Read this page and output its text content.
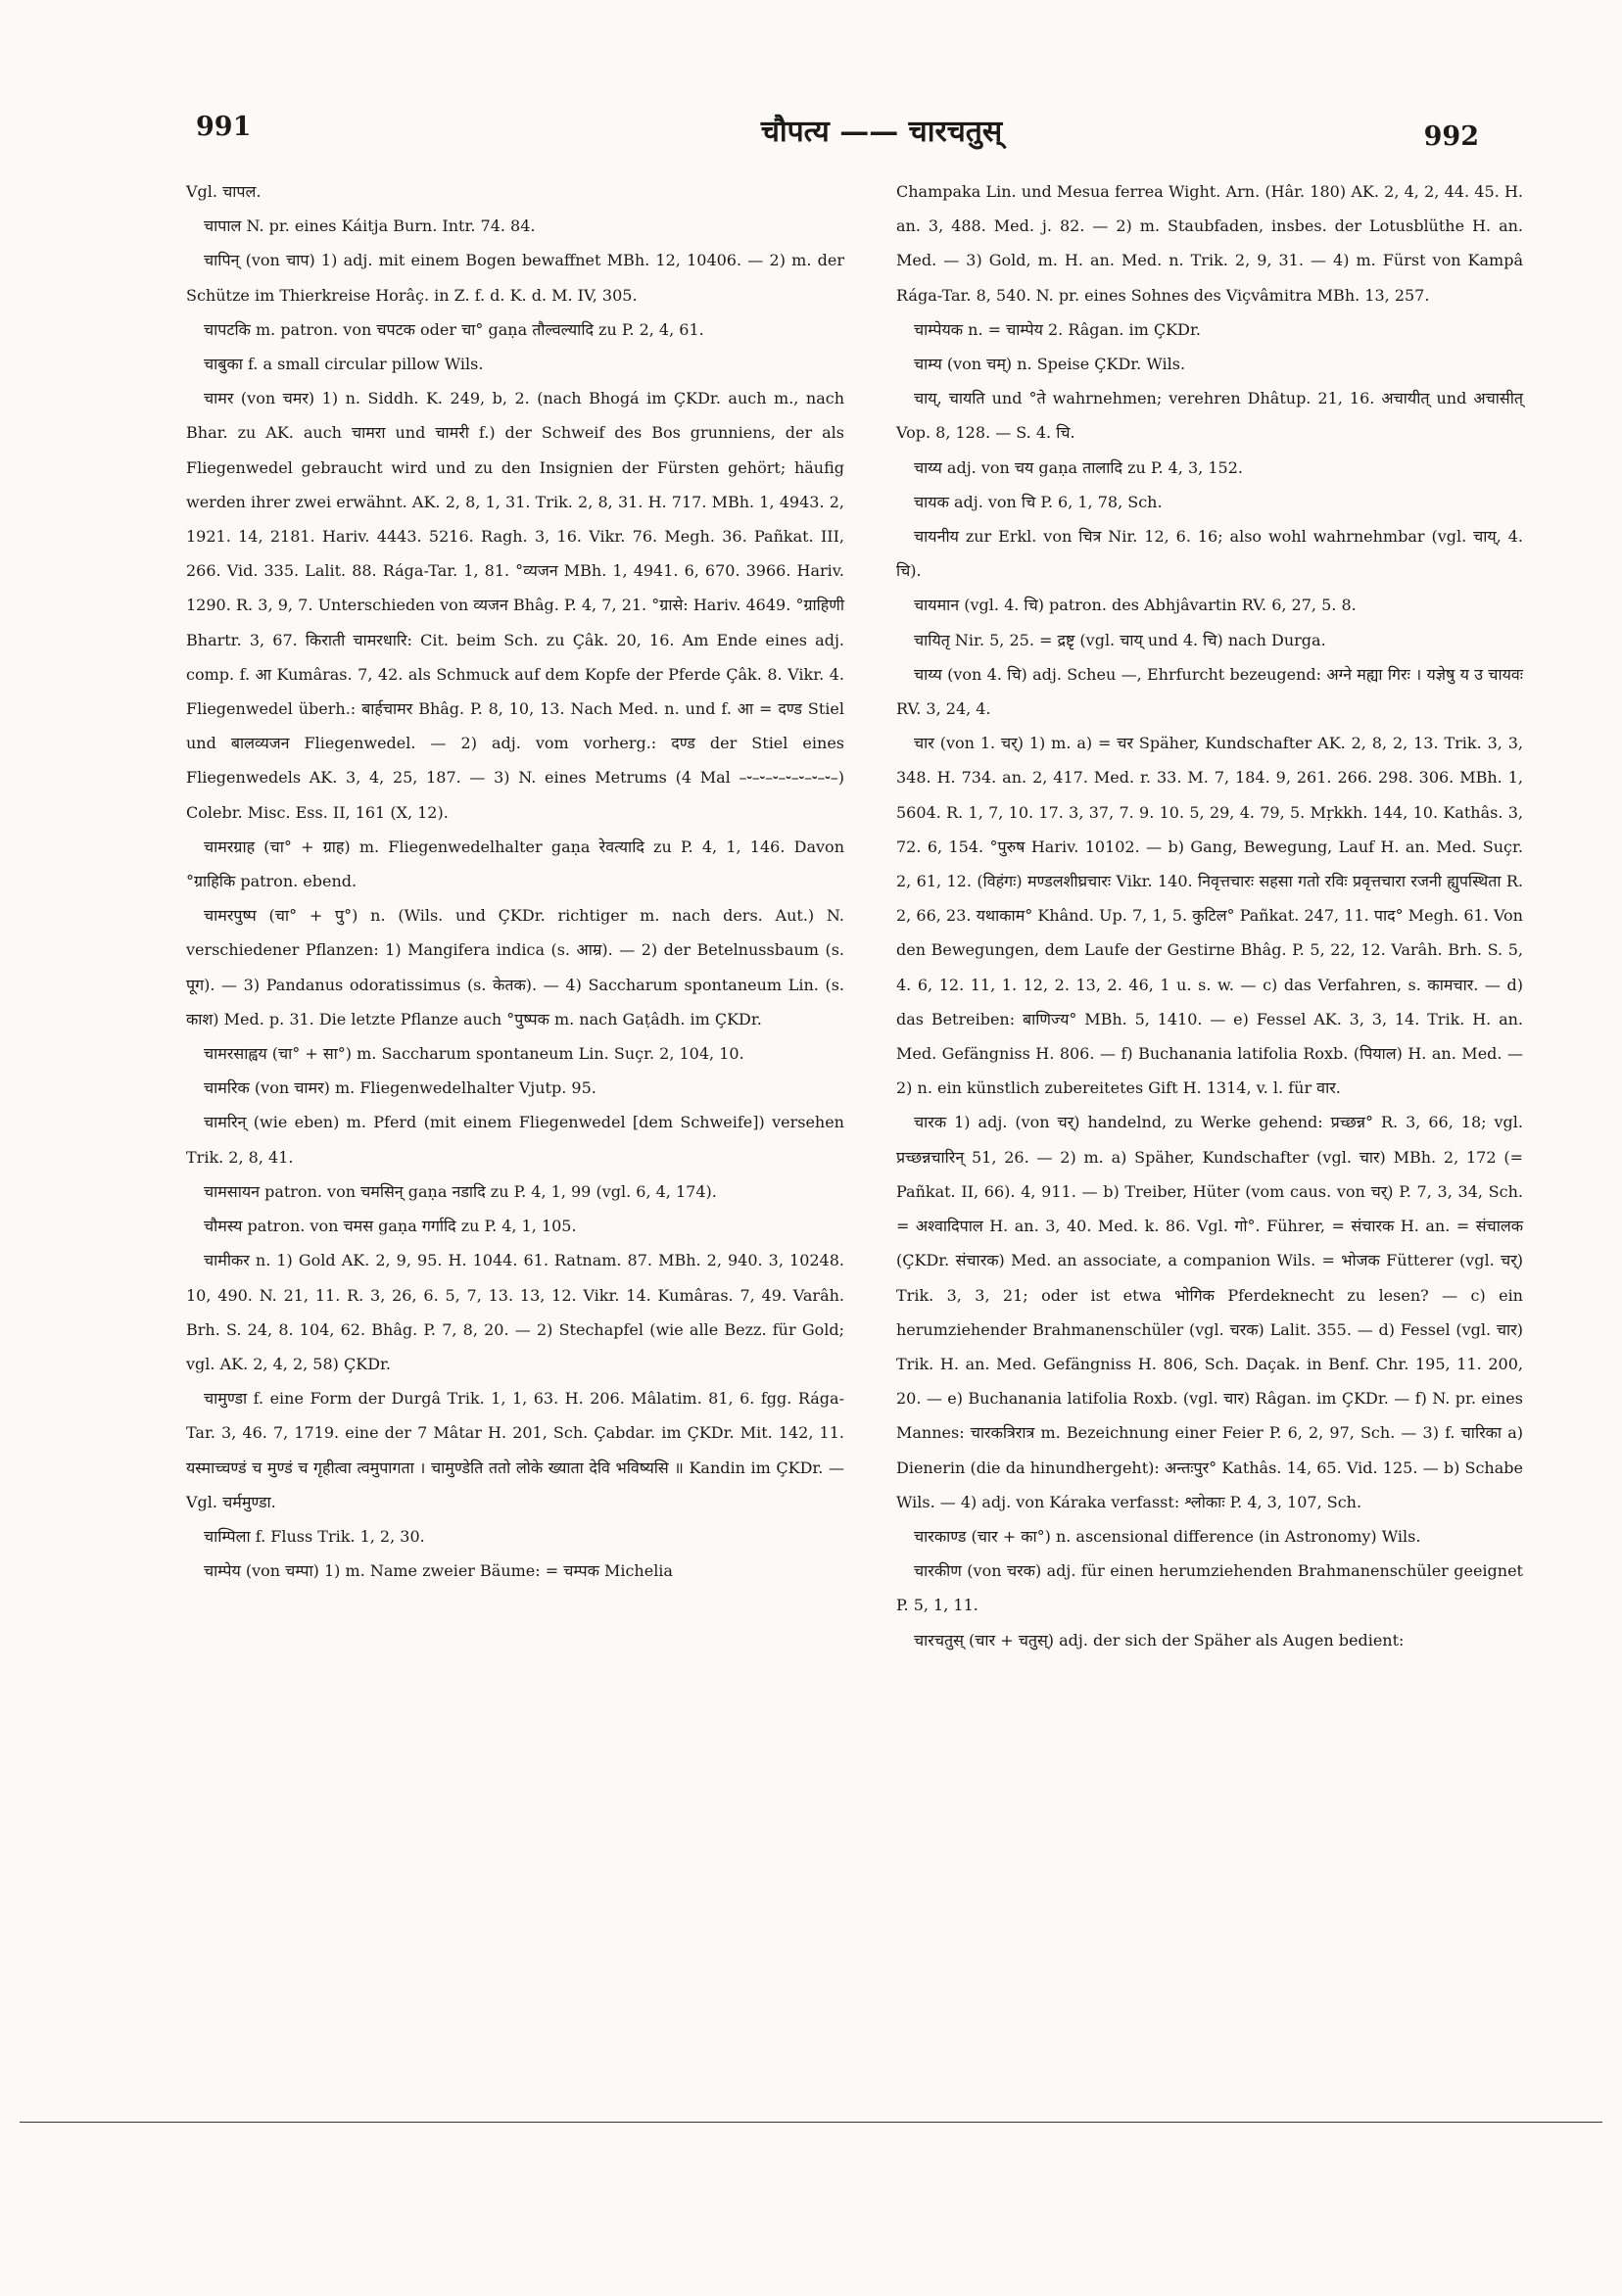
991	चौपत्य —— चारचतुस्	992

Vgl. चापल.

चापाल N. pr. eines Káitja Burn. Intr. 74. 84.

चापिन् (von चाप) 1) adj. mit einem Bogen bewaffnet MBh. 12, 10406. — 2) m. der Schütze im Thierkreise Horâç. in Z. f. d. K. d. M. IV, 305.

चापटकि m. patron. von चपटक oder चा° gaṇa तौल्वल्यादि zu P. 2, 4, 61.

चाबुका f. a small circular pillow Wils.

चामर (von चमर) 1) n. Siddh. K. 249, b, 2. (nach Bhogá im ÇKDr. auch m., nach Bhar. zu AK. auch चामरा und चामरी f.) der Schweif des Bos grunniens, der als Fliegenwedel gebraucht wird und zu den Insignien der Fürsten gehört; häufig werden ihrer zwei erwähnt. AK. 2, 8, 1, 31. Trik. 2, 8, 31. H. 717. MBh. 1, 4943. 2, 1921. 14, 2181. Hariv. 4443. 5216. Ragh. 3, 16. Vikr. 76. Megh. 36. Pañkat. III, 266. Vid. 335. Lalit. 88. Rága-Tar. 1, 81. °व्यजन MBh. 1, 4941. 6, 670. 3966. Hariv. 1290. R. 3, 9, 7. Unterschieden von व्यजन Bhâg. P. 4, 7, 21. °ग्रासे: Hariv. 4649. °ग्राहिणी Bhartr. 3, 67. किराती चामरधारि: Cit. beim Sch. zu Çâk. 20, 16. Am Ende eines adj. comp. f. आ Kumâras. 7, 42. als Schmuck auf dem Kopfe der Pferde Çâk. 8. Vikr. 4. Fliegenwedel überh.: बार्हचामर Bhâg. P. 8, 10, 13. Nach Med. n. und f. आ = दण्ड Stiel und बालव्यजन Fliegenwedel. — 2) adj. vom vorherg.: दण्ड der Stiel eines Fliegenwedels AK. 3, 4, 25, 187. — 3) N. eines Metrums (4 Mal –⏑–⏑–⏑–⏑–⏑–⏑–⏑–) Colebr. Misc. Ess. II, 161 (X, 12).

चामरग्राह (चा° + ग्राह) m. Fliegenwedelhalter gaṇa रेवत्यादि zu P. 4, 1, 146. Davon °ग्राहिकि patron. ebend.

चामरपुष्प (चा° + पु°) n. (Wils. und ÇKDr. richtiger m. nach ders. Aut.) N. verschiedener Pflanzen: 1) Mangifera indica (s. आम्र). — 2) der Betelnussbaum (s. पूग). — 3) Pandanus odoratissimus (s. केतक). — 4) Saccharum spontaneum Lin. (s. काश) Med. p. 31. Die letzte Pflanze auch °पुष्पक m. nach Gaṭâdh. im ÇKDr.

चामरसाह्वय (चा° + सा°) m. Saccharum spontaneum Lin. Suçr. 2, 104, 10.

चामरिक (von चामर) m. Fliegenwedelhalter Vjutp. 95.

चामरिन् (wie eben) m. Pferd (mit einem Fliegenwedel [dem Schweife]) versehen Trik. 2, 8, 41.

चामसायन patron. von चमसिन् gaṇa नडादि zu P. 4, 1, 99 (vgl. 6, 4, 174).

चौमस्य patron. von चमस gaṇa गर्गादि zu P. 4, 1, 105.

चामीकर n. 1) Gold AK. 2, 9, 95. H. 1044. 61. Ratnam. 87. MBh. 2, 940. 3, 10248. 10, 490. N. 21, 11. R. 3, 26, 6. 5, 7, 13. 13, 12. Vikr. 14. Kumâras. 7, 49. Varâh. Brh. S. 24, 8. 104, 62. Bhâg. P. 7, 8, 20. — 2) Stechapfel (wie alle Bezz. für Gold; vgl. AK. 2, 4, 2, 58) ÇKDr.

चामुण्डा f. eine Form der Durgâ Trik. 1, 1, 63. H. 206. Mâlatim. 81, 6. fgg. Rága-Tar. 3, 46. 7, 1719. eine der 7 Mâtar H. 201, Sch. Çabdar. im ÇKDr. Mit. 142, 11. यस्माच्चण्डं च मुण्डं च गृहीत्वा त्वमुपागता । चामुण्डेति ततो लोके ख्याता देवि भविष्यसि ॥ Kandin im ÇKDr. — Vgl. चर्ममुण्डा.

चाम्पिला f. Fluss Trik. 1, 2, 30.

चाम्पेय (von चम्पा) 1) m. Name zweier Bäume: = चम्पक Michelia

Champaka Lin. und Mesua ferrea Wight. Arn. (Hâr. 180) AK. 2, 4, 2, 44. 45. H. an. 3, 488. Med. j. 82. — 2) m. Staubfaden, insbes. der Lotusblüthe H. an. Med. — 3) Gold, m. H. an. Med. n. Trik. 2, 9, 31. — 4) m. Fürst von Kampâ Rága-Tar. 8, 540. N. pr. eines Sohnes des Viçvâmitra MBh. 13, 257.

चाम्पेयक n. = चाम्पेय 2. Râgan. im ÇKDr.

चाम्य (von चम्) n. Speise ÇKDr. Wils.

चाय्, चायति und °ते wahrnehmen; verehren Dhâtup. 21, 16. अचायीत् und अचासीत् Vop. 8, 128. — S. 4. चि.

चाय्य adj. von चय gaṇa तालादि zu P. 4, 3, 152.

चायक adj. von चि P. 6, 1, 78, Sch.

चायनीय zur Erkl. von चित्र Nir. 12, 6. 16; also wohl wahrnehmbar (vgl. चाय्, 4. चि).

चायमान (vgl. 4. चि) patron. des Abhjâvartin RV. 6, 27, 5. 8.

चायितृ Nir. 5, 25. = द्रष्टृ (vgl. चाय् und 4. चि) nach Durga.

चाय्य (von 4. चि) adj. Scheu —, Ehrfurcht bezeugend: अग्ने मह्या गिरः । यज्ञेषु य उ चायवः RV. 3, 24, 4.

चार (von 1. चर्) 1) m. a) = चर Späher, Kundschafter AK. 2, 8, 2, 13. Trik. 3, 3, 348. H. 734. an. 2, 417. Med. r. 33. M. 7, 184. 9, 261. 266. 298. 306. MBh. 1, 5604. R. 1, 7, 10. 17. 3, 37, 7. 9. 10. 5, 29, 4. 79, 5. Mṛkkh. 144, 10. Kathâs. 3, 72. 6, 154. °पुरुष Hariv. 10102. — b) Gang, Bewegung, Lauf H. an. Med. Suçr. 2, 61, 12. (विहंगः) मण्डलशीघ्रचारः Vikr. 140. निवृत्तचारः सहसा गतो रविः प्रवृत्तचारा रजनी ह्युपस्थिता R. 2, 66, 23. यथाकाम° Khând. Up. 7, 1, 5. कुटिल° Pañkat. 247, 11. पाद° Megh. 61. Von den Bewegungen, dem Laufe der Gestirne Bhâg. P. 5, 22, 12. Varâh. Brh. S. 5, 4. 6, 12. 11, 1. 12, 2. 13, 2. 46, 1 u. s. w. — c) das Verfahren, s. कामचार. — d) das Betreiben: बाणिज्य° MBh. 5, 1410. — e) Fessel AK. 3, 3, 14. Trik. H. an. Med. Gefängniss H. 806. — f) Buchanania latifolia Roxb. (पियाल) H. an. Med. — 2) n. ein künstlich zubereitetes Gift H. 1314, v. l. für वार.

चारक 1) adj. (von चर्) handelnd, zu Werke gehend: प्रच्छन्न° R. 3, 66, 18; vgl. प्रच्छन्नचारिन् 51, 26. — 2) m. a) Späher, Kundschafter (vgl. चार) MBh. 2, 172 (= Pañkat. II, 66). 4, 911. — b) Treiber, Hüter (vom caus. von चर्) P. 7, 3, 34, Sch. = अश्वादिपाल H. an. 3, 40. Med. k. 86. Vgl. गो°. Führer, = संचारक H. an. = संचालक (ÇKDr. संचारक) Med. an associate, a companion Wils. = भोजक Fütterer (vgl. चर्) Trik. 3, 3, 21; oder ist etwa भोगिक Pferdeknecht zu lesen? — c) ein herumziehender Brahmanenschüler (vgl. चरक) Lalit. 355. — d) Fessel (vgl. चार) Trik. H. an. Med. Gefängniss H. 806, Sch. Daçak. in Benf. Chr. 195, 11. 200, 20. — e) Buchanania latifolia Roxb. (vgl. चार) Râgan. im ÇKDr. — f) N. pr. eines Mannes: चारकत्रिरात्र m. Bezeichnung einer Feier P. 6, 2, 97, Sch. — 3) f. चारिका a) Dienerin (die da hinundhergeht): अन्तःपुर° Kathâs. 14, 65. Vid. 125. — b) Schabe Wils. — 4) adj. von Káraka verfasst: श्लोकाः P. 4, 3, 107, Sch.

चारकाण्ड (चार + का°) n. ascensional difference (in Astronomy) Wils.

चारकीण (von चरक) adj. für einen herumziehenden Brahmanenschüler geeignet P. 5, 1, 11.

चारचतुस् (चार + चतुस्) adj. der sich der Späher als Augen bedient:
